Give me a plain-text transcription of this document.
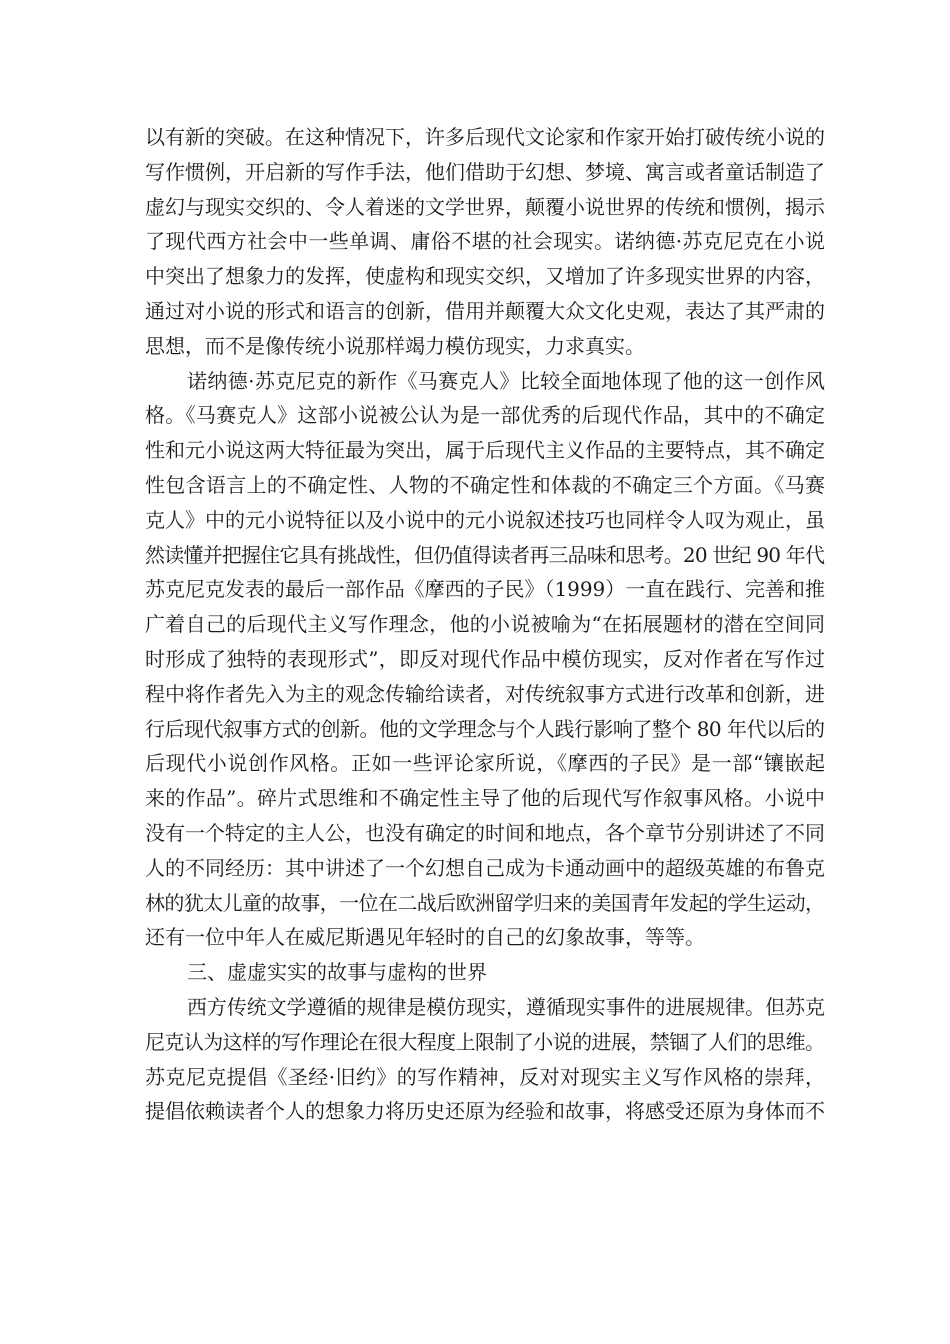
以有新的突破。在这种情况下，许多后现代文论家和作家开始打破传统小说的
写作惯例，开启新的写作手法，他们借助于幻想、梦境、寓言或者童话制造了
虚幻与现实交织的、令人着迷的文学世界，颠覆小说世界的传统和惯例，揭示
了现代西方社会中一些单调、庸俗不堪的社会现实。诺纳德·苏克尼克在小说
中突出了想象力的发挥，使虚构和现实交织，又增加了许多现实世界的内容，
通过对小说的形式和语言的创新，借用并颠覆大众文化史观，表达了其严肃的
思想，而不是像传统小说那样竭力模仿现实，力求真实。
诺纳德·苏克尼克的新作《马赛克人》比较全面地体现了他的这一创作风
格。《马赛克人》这部小说被公认为是一部优秀的后现代作品，其中的不确定
性和元小说这两大特征最为突出，属于后现代主义作品的主要特点，其不确定
性包含语言上的不确定性、人物的不确定性和体裁的不确定三个方面。《马赛
克人》中的元小说特征以及小说中的元小说叙述技巧也同样令人叹为观止，虽
然读懂并把握住它具有挑战性，但仍值得读者再三品味和思考。20 世纪 90 年代
苏克尼克发表的最后一部作品《摩西的子民》（1999）一直在践行、完善和推
广着自己的后现代主义写作理念，他的小说被喻为“在拓展题材的潜在空间同
时形成了独特的表现形式”，即反对现代作品中模仿现实，反对作者在写作过
程中将作者先入为主的观念传输给读者，对传统叙事方式进行改革和创新，进
行后现代叙事方式的创新。他的文学理念与个人践行影响了整个 80 年代以后的
后现代小说创作风格。正如一些评论家所说，《摩西的子民》是一部“镶嵌起
来的作品”。碎片式思维和不确定性主导了他的后现代写作叙事风格。小说中
没有一个特定的主人公，也没有确定的时间和地点，各个章节分别讲述了不同
人的不同经历：其中讲述了一个幻想自己成为卡通动画中的超级英雄的布鲁克
林的犹太儿童的故事，一位在二战后欧洲留学归来的美国青年发起的学生运动，
还有一位中年人在威尼斯遇见年轻时的自己的幻象故事，等等。
三、虚虚实实的故事与虚构的世界
西方传统文学遵循的规律是模仿现实，遵循现实事件的进展规律。但苏克
尼克认为这样的写作理论在很大程度上限制了小说的进展，禁锢了人们的思维。
苏克尼克提倡《圣经·旧约》的写作精神，反对对现实主义写作风格的崇拜，
提倡依赖读者个人的想象力将历史还原为经验和故事，将感受还原为身体而不
